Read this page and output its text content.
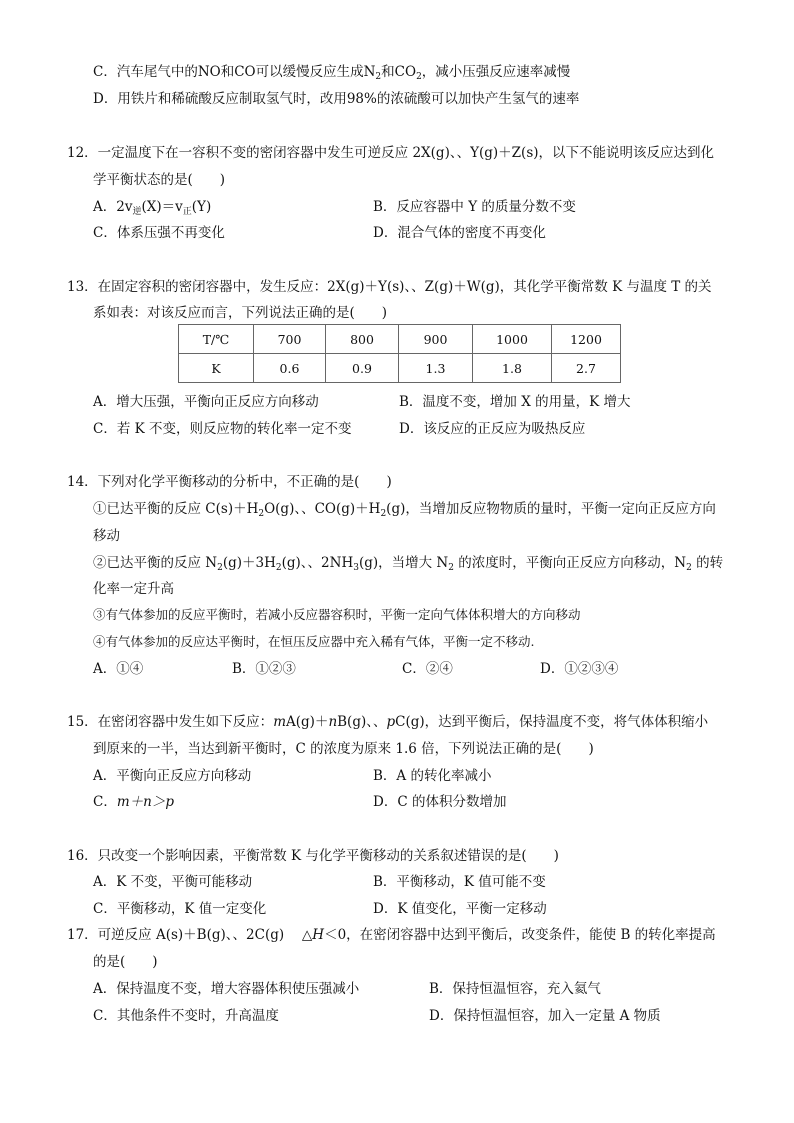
C．汽车尾气中的NO和CO可以缓慢反应生成$N_2$和$CO_2$，减小压强反应速率减慢
D．用铁片和稀硫酸反应制取氢气时，改用98%的浓硫酸可以加快产生氢气的速率
12．一定温度下在一容积不变的密闭容器中发生可逆反应 2X(g)、、Y(g)＋Z(s)，以下不能说明该反应达到化
学平衡状态的是(　　)
A．$2v_逆(X)=v_正(Y)$	B．反应容器中 Y 的质量分数不变
C．体系压强不再变化	D．混合气体的密度不再变化
13．在固定容积的密闭容器中，发生反应：2X(g)＋Y(s)、、Z(g)＋W(g)，其化学平衡常数 K 与温度 T 的关
系如表：对该反应而言，下列说法正确的是(　　)
T/℃	700	800	900	1000	1200
K	0.6	0.9	1.3	1.8	2.7
A．增大压强，平衡向正反应方向移动	B．温度不变，增加 X 的用量，K 增大
C．若 K 不变，则反应物的转化率一定不变	D．该反应的正反应为吸热反应
14．下列对化学平衡移动的分析中，不正确的是(　　)
①已达平衡的反应 $C(s)+H_2O(g)$、、$CO(g)+H_2(g)$，当增加反应物物质的量时，平衡一定向正反应方向
移动
②已达平衡的反应 $N_2(g)+3H_2(g)$、、$2NH_3(g)$，当增大 $N_2$ 的浓度时，平衡向正反应方向移动，$N_2$ 的转
化率一定升高
③有气体参加的反应平衡时，若减小反应器容积时，平衡一定向气体体积增大的方向移动
④有气体参加的反应达平衡时，在恒压反应器中充入稀有气体，平衡一定不移动.
A．①④	B．①②③	C．②④	D．①②③④
15．在密闭容器中发生如下反应：mA(g)＋nB(g)、、pC(g)，达到平衡后，保持温度不变，将气体体积缩小
到原来的一半，当达到新平衡时，C 的浓度为原来 1.6 倍，下列说法正确的是(　　)
A．平衡向正反应方向移动	B．A 的转化率减小
C．m＋n＞p	D．C 的体积分数增加
16．只改变一个影响因素，平衡常数 K 与化学平衡移动的关系叙述错误的是(　　)
A．K 不变，平衡可能移动	B．平衡移动，K 值可能不变
C．平衡移动，K 值一定变化	D．K 值变化，平衡一定移动
17．可逆反应 A(s)＋B(g)、、2C(g)　 △H＜0，在密闭容器中达到平衡后，改变条件，能使 B 的转化率提高
的是(　　)
A．保持温度不变，增大容器体积使压强减小	B．保持恒温恒容，充入氦气
C．其他条件不变时，升高温度	D．保持恒温恒容，加入一定量 A 物质
